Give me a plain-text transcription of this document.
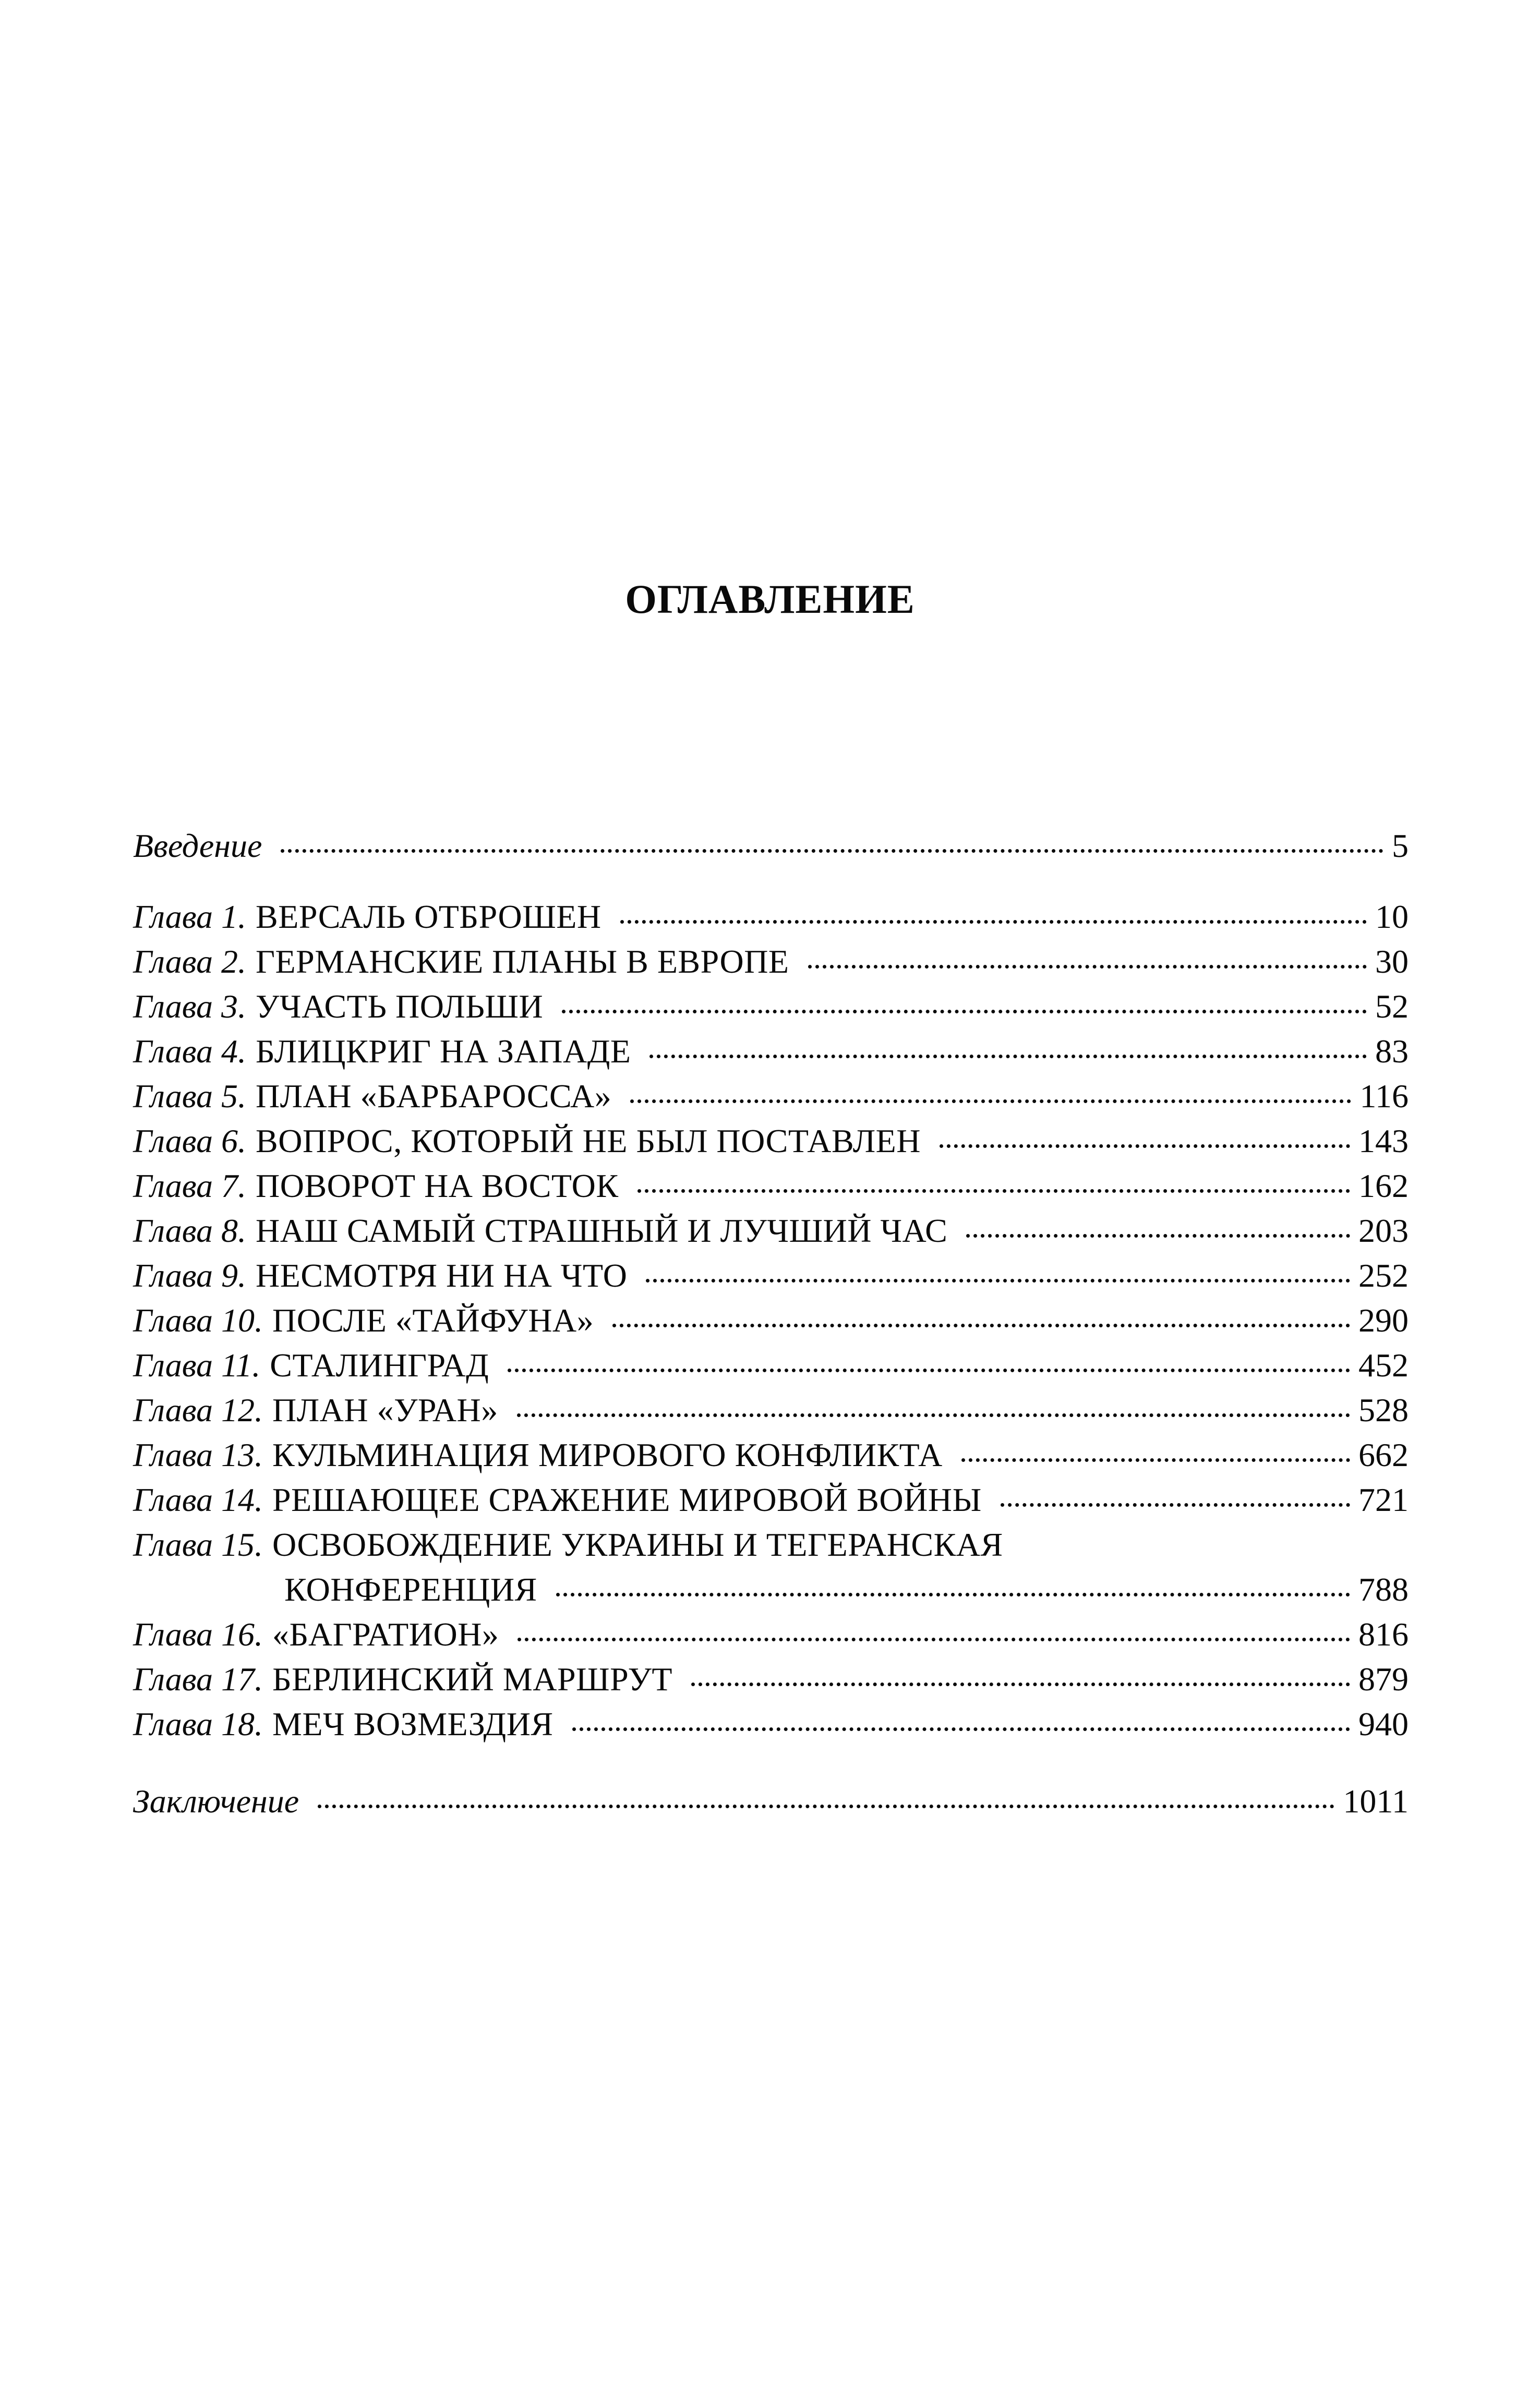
ОГЛАВЛЕНИЕ
Введение	5
Глава 1. ВЕРСАЛЬ ОТБРОШЕН	10
Глава 2. ГЕРМАНСКИЕ ПЛАНЫ В ЕВРОПЕ	30
Глава 3. УЧАСТЬ ПОЛЬШИ	52
Глава 4. БЛИЦКРИГ НА ЗАПАДЕ	83
Глава 5. ПЛАН «БАРБАРОССА»	116
Глава 6. ВОПРОС, КОТОРЫЙ НЕ БЫЛ ПОСТАВЛЕН	143
Глава 7. ПОВОРОТ НА ВОСТОК	162
Глава 8. НАШ САМЫЙ СТРАШНЫЙ И ЛУЧШИЙ ЧАС	203
Глава 9. НЕСМОТРЯ НИ НА ЧТО	252
Глава 10. ПОСЛЕ «ТАЙФУНА»	290
Глава 11. СТАЛИНГРАД	452
Глава 12. ПЛАН «УРАН»	528
Глава 13. КУЛЬМИНАЦИЯ МИРОВОГО КОНФЛИКТА	662
Глава 14. РЕШАЮЩЕЕ СРАЖЕНИЕ МИРОВОЙ ВОЙНЫ	721
Глава 15. ОСВОБОЖДЕНИЕ УКРАИНЫ И ТЕГЕРАНСКАЯ
КОНФЕРЕНЦИЯ	788
Глава 16. «БАГРАТИОН»	816
Глава 17. БЕРЛИНСКИЙ МАРШРУТ	879
Глава 18. МЕЧ ВОЗМЕЗДИЯ	940
Заключение	1011
